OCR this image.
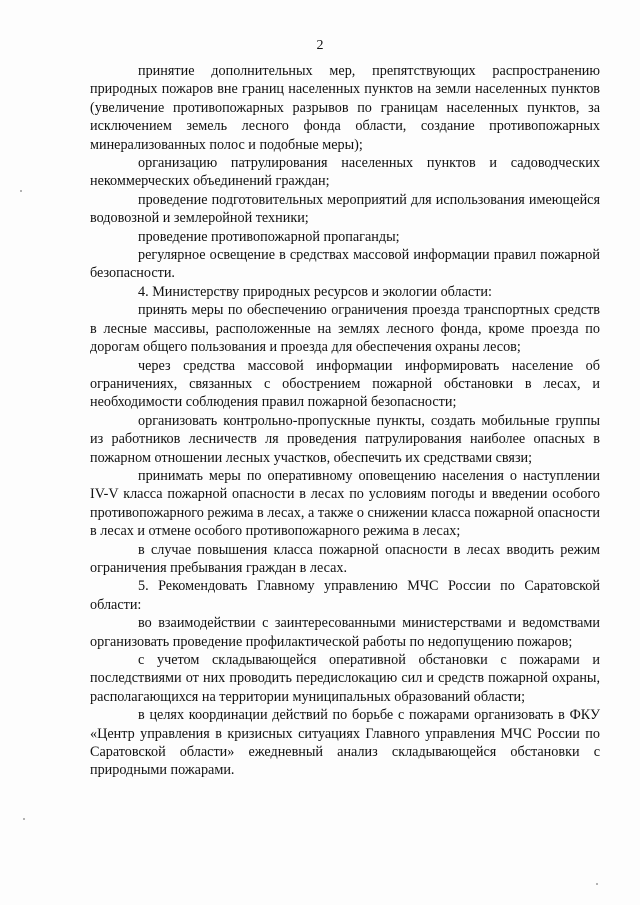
2

принятие дополнительных мер, препятствующих распространению природных пожаров вне границ населенных пунктов на земли населенных пунктов (увеличение противопожарных разрывов по границам населенных пунктов, за исключением земель лесного фонда области, создание противопожарных минерализованных полос и подобные меры);

организацию патрулирования населенных пунктов и садоводческих некоммерческих объединений граждан;

проведение подготовительных мероприятий для использования имеющейся водовозной и землеройной техники;

проведение противопожарной пропаганды;

регулярное освещение в средствах массовой информации правил пожарной безопасности.

4. Министерству природных ресурсов и экологии области:

принять меры по обеспечению ограничения проезда транспортных средств в лесные массивы, расположенные на землях лесного фонда, кроме проезда по дорогам общего пользования и проезда для обеспечения охраны лесов;

через средства массовой информации информировать население об ограничениях, связанных с обострением пожарной обстановки в лесах, и необходимости соблюдения правил пожарной безопасности;

организовать контрольно-пропускные пункты, создать мобильные группы из работников лесничеств ля проведения патрулирования наиболее опасных в пожарном отношении лесных участков, обеспечить их средствами связи;

принимать меры по оперативному оповещению населения о наступлении IV-V класса пожарной опасности в лесах по условиям погоды и введении особого противопожарного режима в лесах, а также о снижении класса пожарной опасности в лесах и отмене особого противопожарного режима в лесах;

в случае повышения класса пожарной опасности в лесах вводить режим ограничения пребывания граждан в лесах.

5. Рекомендовать Главному управлению МЧС России по Саратовской области:

во взаимодействии с заинтересованными министерствами и ведомствами организовать проведение профилактической работы по недопущению пожаров;

с учетом складывающейся оперативной обстановки с пожарами и последствиями от них проводить передислокацию сил и средств пожарной охраны, располагающихся на территории муниципальных образований области;

в целях координации действий по борьбе с пожарами организовать в ФКУ «Центр управления в кризисных ситуациях Главного управления МЧС России по Саратовской области» ежедневный анализ складывающейся обстановки с природными пожарами.
